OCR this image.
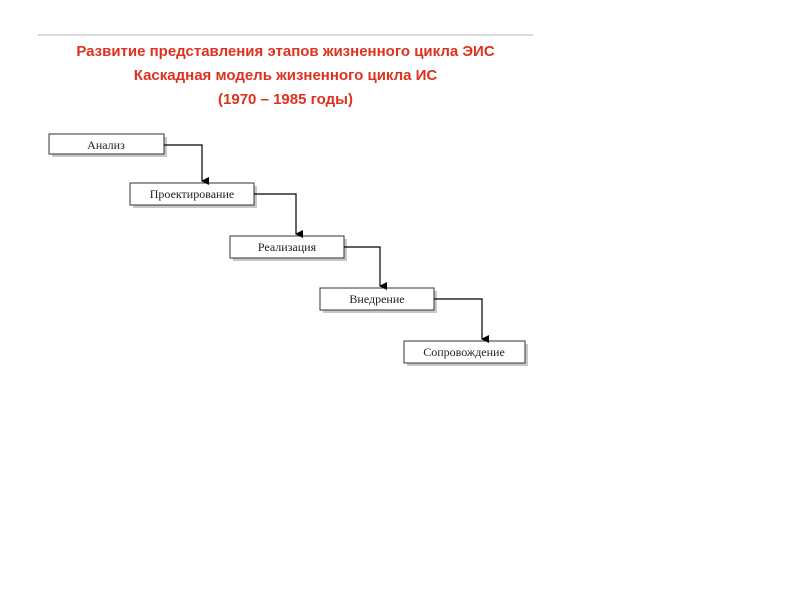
Развитие представления этапов жизненного цикла ЭИС
Каскадная модель жизненного цикла ИС
(1970 – 1985 годы)
Анализ
Проектирование
Реализация
Внедрение
Сопровождение
